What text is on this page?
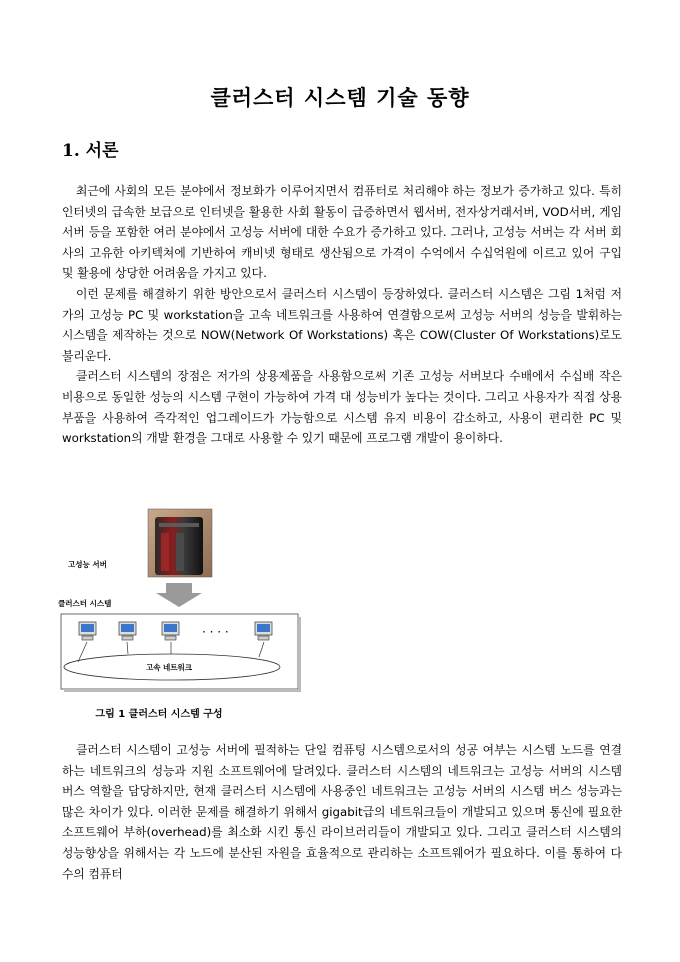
클러스터 시스템 기술 동향
1. 서론

최근에 사회의 모든 분야에서 정보화가 이루어지면서 컴퓨터로 처리해야 하는 정보가 증가하고 있다. 특히 인터넷의 급속한 보급으로 인터넷을 활용한 사회 활동이 급증하면서 웹서버, 전자상거래서버, VOD서버, 게임서버 등을 포함한 여러 분야에서 고성능 서버에 대한 수요가 증가하고 있다. 그러나, 고성능 서버는 각 서버 회사의 고유한 아키텍쳐에 기반하여 캐비넷 형태로 생산됨으로 가격이 수억에서 수십억원에 이르고 있어 구입 및 활용에 상당한 어려움을 가지고 있다.

이런 문제를 해결하기 위한 방안으로서 클러스터 시스템이 등장하였다. 클러스터 시스템은 그림 1처럼 저가의 고성능 PC 및 workstation을 고속 네트워크를 사용하여 연결함으로써 고성능 서버의 성능을 발휘하는 시스템을 제작하는 것으로 NOW(Network Of Workstations) 혹은 COW(Cluster Of Workstations)로도 불리운다.

클러스터 시스템의 장점은 저가의 상용제품을 사용함으로써 기존 고성능 서버보다 수배에서 수십배 작은 비용으로 동일한 성능의 시스템 구현이 가능하여 가격 대 성능비가 높다는 것이다. 그리고 사용자가 직접 상용부품을 사용하여 즉각적인 업그레이드가 가능함으로 시스템 유지 비용이 감소하고, 사용이 편리한 PC 및 workstation의 개발 환경을 그대로 사용할 수 있기 때문에 프로그램 개발이 용이하다.

· · · ·
고속 네트워크
고성능 서버
클러스터 시스템
그림 1 클러스터 시스템 구성

클러스터 시스템이 고성능 서버에 필적하는 단일 컴퓨팅 시스템으로서의 성공 여부는 시스템 노드를 연결하는 네트워크의 성능과 지원 소프트웨어에 달려있다. 클러스터 시스템의 네트워크는 고성능 서버의 시스템 버스 역할을 담당하지만, 현재 클러스터 시스템에 사용중인 네트워크는 고성능 서버의 시스템 버스 성능과는 많은 차이가 있다. 이러한 문제를 해결하기 위해서 gigabit급의 네트워크들이 개발되고 있으며 통신에 필요한 소프트웨어 부하(overhead)를 최소화 시킨 통신 라이브러리들이 개발되고 있다. 그리고 클러스터 시스템의 성능향상을 위해서는 각 노드에 분산된 자원을 효율적으로 관리하는 소프트웨어가 필요하다. 이를 통하여 다수의 컴퓨터
